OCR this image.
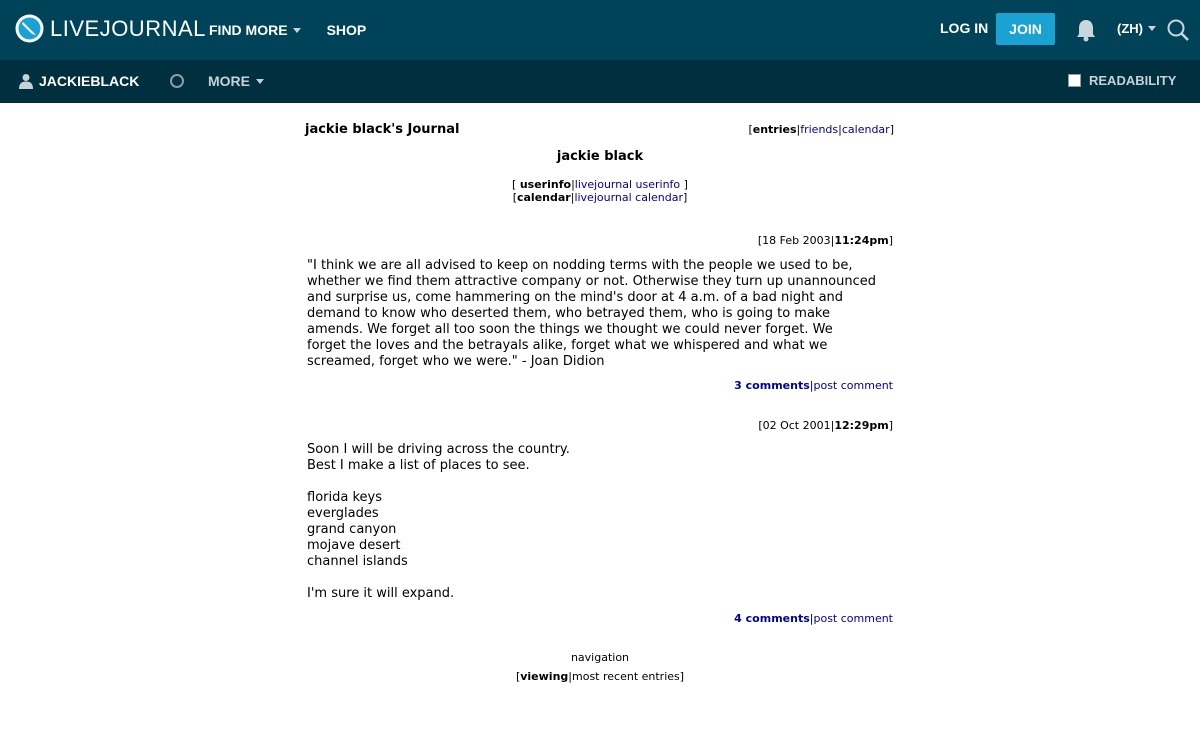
LIVEJOURNAL FIND MORE	SHOP	LOG IN	JOIN	(ZH)
JACKIEBLACK	MORE	READABILITY
jackie black's Journal	[entries|friends|calendar]
jackie black
[ userinfo|livejournal userinfo ]
[calendar|livejournal calendar]
[18 Feb 2003|11:24pm]
"I think we are all advised to keep on nodding terms with the people we used to be,
whether we find them attractive company or not. Otherwise they turn up unannounced
and surprise us, come hammering on the mind's door at 4 a.m. of a bad night and
demand to know who deserted them, who betrayed them, who is going to make
amends. We forget all too soon the things we thought we could never forget. We
forget the loves and the betrayals alike, forget what we whispered and what we
screamed, forget who we were." - Joan Didion
3 comments|post comment
[02 Oct 2001|12:29pm]
Soon I will be driving across the country.
Best I make a list of places to see.

florida keys
everglades
grand canyon
mojave desert
channel islands

I'm sure it will expand.
4 comments|post comment
navigation
[viewing|most recent entries]
